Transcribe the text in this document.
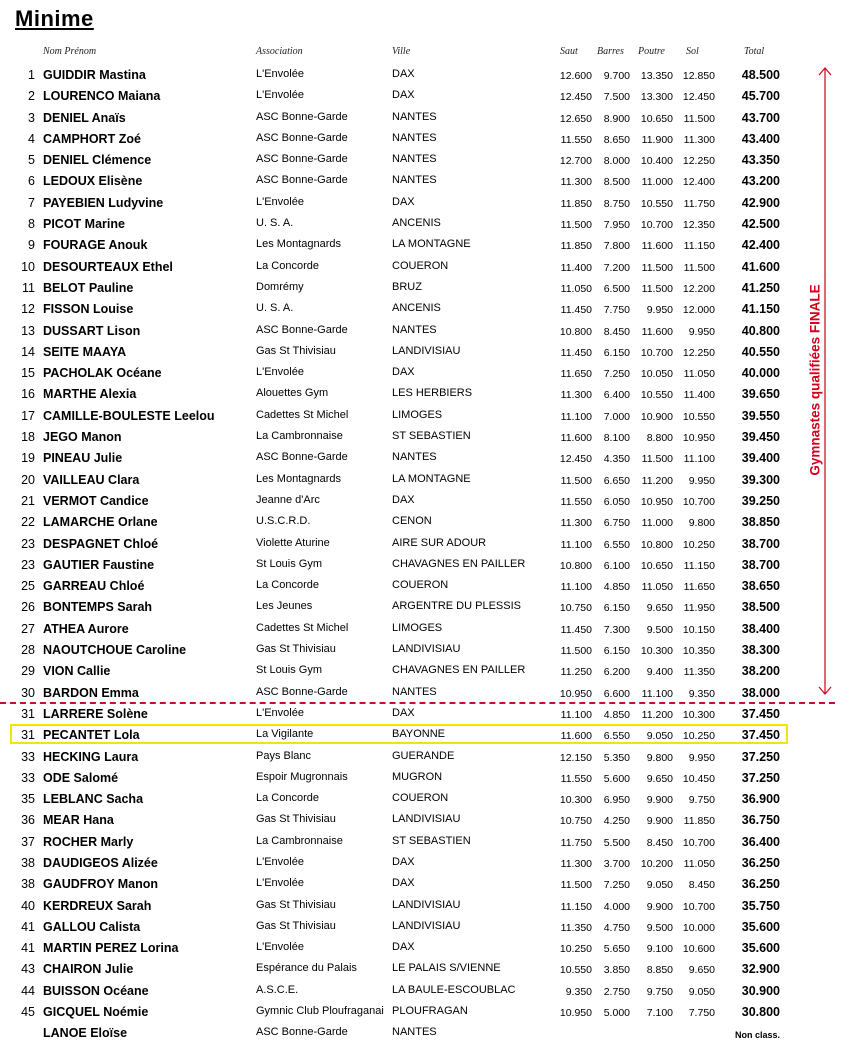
Minime
Nom Prénom	Association	Ville	Saut Barres Poutre Sol	Total
1 GUIDDIR Mastina	L'Envolée	DAX	12.600 9.700 13.350 12.850 48.500
2 LOURENCO Maiana	L'Envolée	DAX	12.450 7.500 13.300 12.450 45.700
3 DENIEL Anaïs	ASC Bonne-Garde	NANTES	12.650 8.900 10.650 11.500 43.700
4 CAMPHORT Zoé	ASC Bonne-Garde	NANTES	11.550 8.650 11.900 11.300 43.400
5 DENIEL Clémence	ASC Bonne-Garde	NANTES	12.700 8.000 10.400 12.250 43.350
6 LEDOUX Elisène	ASC Bonne-Garde	NANTES	11.300 8.500 11.000 12.400 43.200
7 PAYEBIEN Ludyvine	L'Envolée	DAX	11.850 8.750 10.550 11.750 42.900
8 PICOT Marine	U. S. A.	ANCENIS	11.500 7.950 10.700 12.350 42.500
9 FOURAGE Anouk	Les Montagnards	LA MONTAGNE	11.850 7.800 11.600 11.150 42.400
10 DESOURTEAUX Ethel	La Concorde	COUERON	11.400 7.200 11.500 11.500 41.600
11 BELOT Pauline	Domrémy	BRUZ	11.050 6.500 11.500 12.200 41.250
12 FISSON Louise	U. S. A.	ANCENIS	11.450 7.750 9.950 12.000 41.150
13 DUSSART Lison	ASC Bonne-Garde	NANTES	10.800 8.450 11.600 9.950 40.800
14 SEITE MAAYA	Gas St Thivisiau	LANDIVISIAU	11.450 6.150 10.700 12.250 40.550
15 PACHOLAK Océane	L'Envolée	DAX	11.650 7.250 10.050 11.050 40.000
16 MARTHE Alexia	Alouettes Gym	LES HERBIERS	11.300 6.400 10.550 11.400 39.650
17 CAMILLE-BOULESTE Leelou	Cadettes St Michel	LIMOGES	11.100 7.000 10.900 10.550 39.550
18 JEGO Manon	La Cambronnaise	ST SEBASTIEN	11.600 8.100 8.800 10.950 39.450
19 PINEAU Julie	ASC Bonne-Garde	NANTES	12.450 4.350 11.500 11.100 39.400
20 VAILLEAU Clara	Les Montagnards	LA MONTAGNE	11.500 6.650 11.200 9.950 39.300
21 VERMOT Candice	Jeanne d'Arc	DAX	11.550 6.050 10.950 10.700 39.250
22 LAMARCHE Orlane	U.S.C.R.D.	CENON	11.300 6.750 11.000 9.800 38.850
23 DESPAGNET Chloé	Violette Aturine	AIRE SUR ADOUR	11.100 6.550 10.800 10.250 38.700
23 GAUTIER Faustine	St Louis Gym	CHAVAGNES EN PAILLER	10.800 6.100 10.650 11.150 38.700
25 GARREAU Chloé	La Concorde	COUERON	11.100 4.850 11.050 11.650 38.650
26 BONTEMPS Sarah	Les Jeunes	ARGENTRE DU PLESSIS	10.750 6.150 9.650 11.950 38.500
27 ATHEA Aurore	Cadettes St Michel	LIMOGES	11.450 7.300 9.500 10.150 38.400
28 NAOUTCHOUE Caroline	Gas St Thivisiau	LANDIVISIAU	11.500 6.150 10.300 10.350 38.300
29 VION Callie	St Louis Gym	CHAVAGNES EN PAILLER	11.250 6.200 9.400 11.350 38.200
30 BARDON Emma	ASC Bonne-Garde	NANTES	10.950 6.600 11.100 9.350 38.000
31 LARRERE Solène	L'Envolée	DAX	11.100 4.850 11.200 10.300 37.450
31 PECANTET Lola	La Vigilante	BAYONNE	11.600 6.550 9.050 10.250 37.450
33 HECKING Laura	Pays Blanc	GUERANDE	12.150 5.350 9.800 9.950 37.250
33 ODE Salomé	Espoir Mugronnais	MUGRON	11.550 5.600 9.650 10.450 37.250
35 LEBLANC Sacha	La Concorde	COUERON	10.300 6.950 9.900 9.750 36.900
36 MEAR Hana	Gas St Thivisiau	LANDIVISIAU	10.750 4.250 9.900 11.850 36.750
37 ROCHER Marly	La Cambronnaise	ST SEBASTIEN	11.750 5.500 8.450 10.700 36.400
38 DAUDIGEOS Alizée	L'Envolée	DAX	11.300 3.700 10.200 11.050 36.250
38 GAUDFROY Manon	L'Envolée	DAX	11.500 7.250 9.050 8.450 36.250
40 KERDREUX Sarah	Gas St Thivisiau	LANDIVISIAU	11.150 4.000 9.900 10.700 35.750
41 GALLOU Calista	Gas St Thivisiau	LANDIVISIAU	11.350 4.750 9.500 10.000 35.600
41 MARTIN PEREZ Lorina	L'Envolée	DAX	10.250 5.650 9.100 10.600 35.600
43 CHAIRON Julie	Espérance du Palais	LE PALAIS S/VIENNE	10.550 3.850 8.850 9.650 32.900
44 BUISSON Océane	A.S.C.E.	LA BAULE-ESCOUBLAC	9.350 2.750 9.750 9.050 30.900
45 GICQUEL Noémie	Gymnic Club Ploufraganai PLOUFRAGAN	10.950 5.000 7.100 7.750 30.800
LANOE Eloïse	ASC Bonne-Garde	NANTES	Non class.
Gymnastes qualifiées FINALE
